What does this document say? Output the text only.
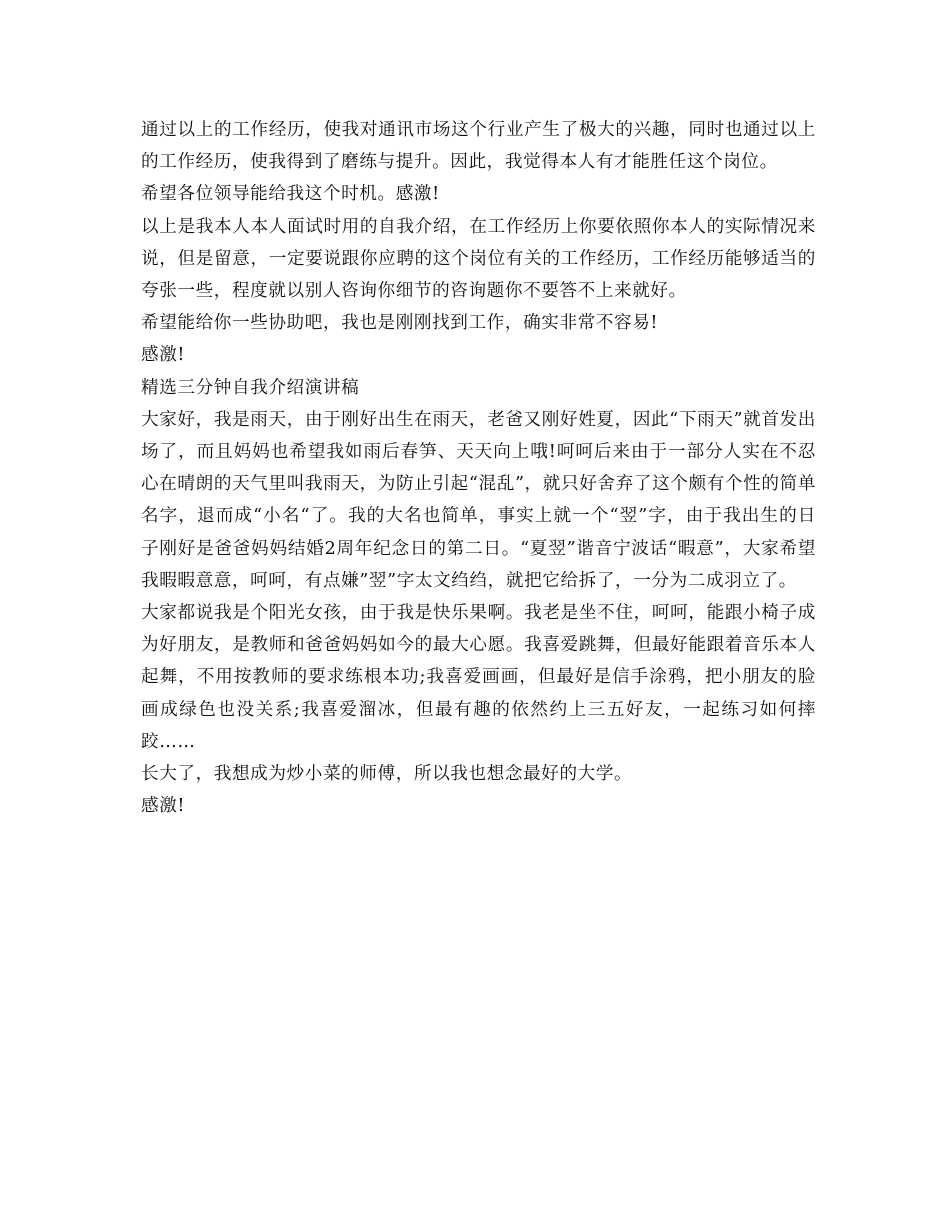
通过以上的工作经历，使我对通讯市场这个行业产生了极大的兴趣，同时也通过以上的工作经历，使我得到了磨练与提升。因此，我觉得本人有才能胜任这个岗位。

希望各位领导能给我这个时机。感激!

以上是我本人本人面试时用的自我介绍，在工作经历上你要依照你本人的实际情况来说，但是留意，一定要说跟你应聘的这个岗位有关的工作经历，工作经历能够适当的夸张一些，程度就以别人咨询你细节的咨询题你不要答不上来就好。

希望能给你一些协助吧，我也是刚刚找到工作，确实非常不容易!

感激!

精选三分钟自我介绍演讲稿

大家好，我是雨天，由于刚好出生在雨天，老爸又刚好姓夏，因此“下雨天”就首发出场了，而且妈妈也希望我如雨后春笋、天天向上哦!呵呵后来由于一部分人实在不忍心在晴朗的天气里叫我雨天，为防止引起“混乱”，就只好舍弃了这个颇有个性的简单名字，退而成“小名“了。我的大名也简单，事实上就一个“翌”字，由于我出生的日子刚好是爸爸妈妈结婚2周年纪念日的第二日。“夏翌”谐音宁波话“暇意”，大家希望我暇暇意意，呵呵，有点嫌”翌”字太文绉绉，就把它给拆了，一分为二成羽立了。

大家都说我是个阳光女孩，由于我是快乐果啊。我老是坐不住，呵呵，能跟小椅子成为好朋友，是教师和爸爸妈妈如今的最大心愿。我喜爱跳舞，但最好能跟着音乐本人起舞，不用按教师的要求练根本功;我喜爱画画，但最好是信手涂鸦，把小朋友的脸画成绿色也没关系;我喜爱溜冰，但最有趣的依然约上三五好友，一起练习如何摔跤……

长大了，我想成为炒小菜的师傅，所以我也想念最好的大学。

感激!
